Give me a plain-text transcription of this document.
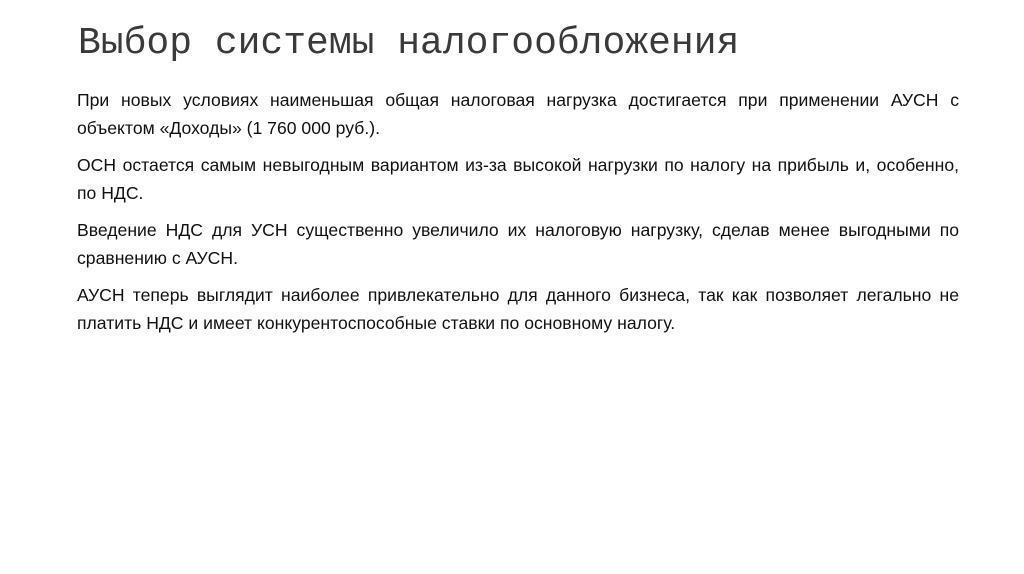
Выбор системы налогообложения

При новых условиях наименьшая общая налоговая нагрузка достигается при применении АУСН с объектом «Доходы» (1 760 000 руб.).

ОСН остается самым невыгодным вариантом из-за высокой нагрузки по налогу на прибыль и, особенно, по НДС.

Введение НДС для УСН существенно увеличило их налоговую нагрузку, сделав менее выгодными по сравнению с АУСН.

АУСН теперь выглядит наиболее привлекательно для данного бизнеса, так как позволяет легально не платить НДС и имеет конкурентоспособные ставки по основному налогу.
